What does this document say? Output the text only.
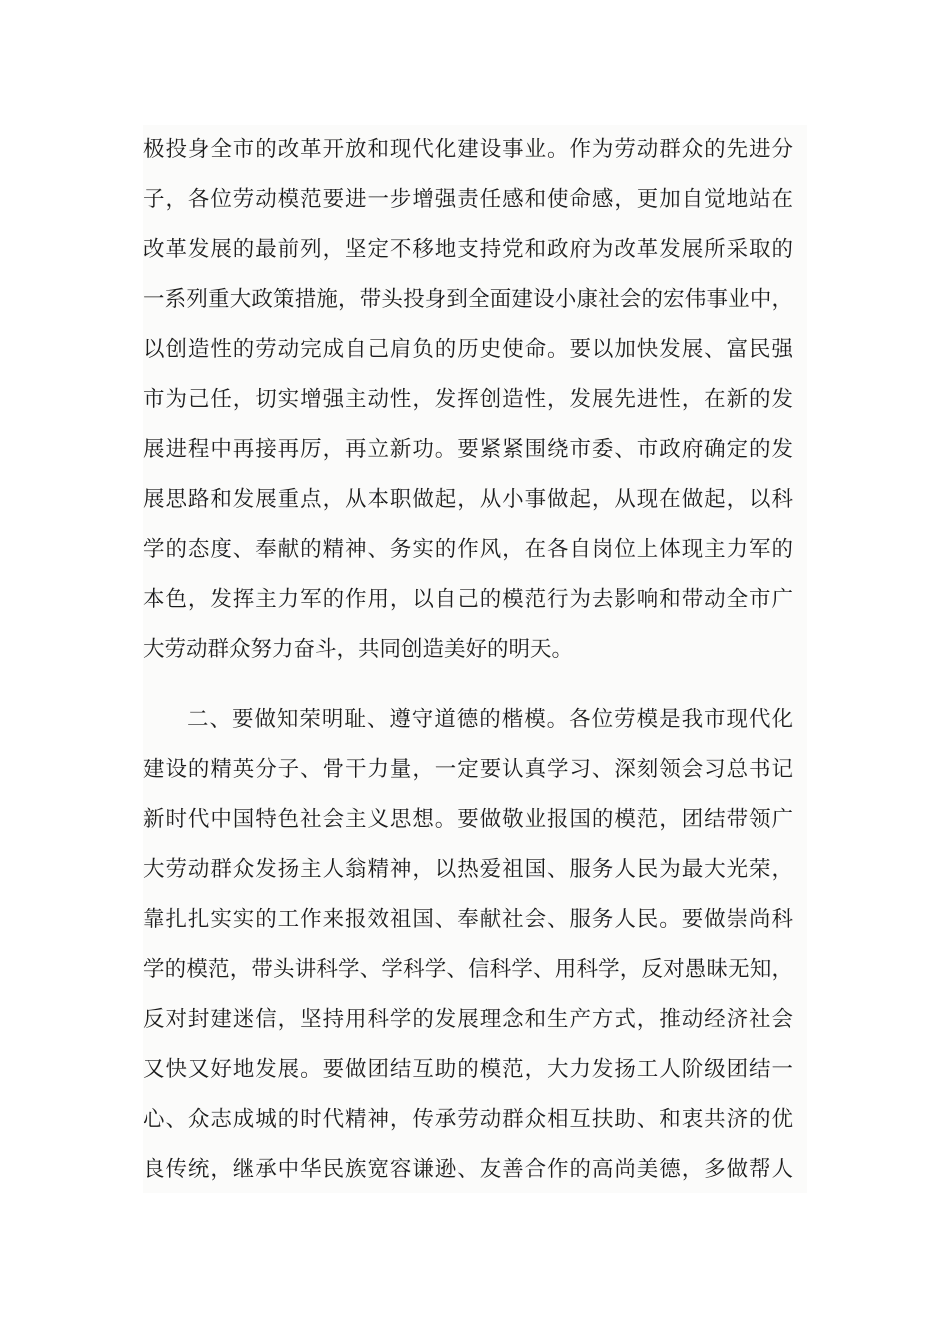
极投身全市的改革开放和现代化建设事业。作为劳动群众的先进分
子，各位劳动模范要进一步增强责任感和使命感，更加自觉地站在
改革发展的最前列，坚定不移地支持党和政府为改革发展所采取的
一系列重大政策措施，带头投身到全面建设小康社会的宏伟事业中，
以创造性的劳动完成自己肩负的历史使命。要以加快发展、富民强
市为己任，切实增强主动性，发挥创造性，发展先进性，在新的发
展进程中再接再厉，再立新功。要紧紧围绕市委、市政府确定的发
展思路和发展重点，从本职做起，从小事做起，从现在做起，以科
学的态度、奉献的精神、务实的作风，在各自岗位上体现主力军的
本色，发挥主力军的作用，以自己的模范行为去影响和带动全市广
大劳动群众努力奋斗，共同创造美好的明天。
二、要做知荣明耻、遵守道德的楷模。各位劳模是我市现代化
建设的精英分子、骨干力量，一定要认真学习、深刻领会习总书记
新时代中国特色社会主义思想。要做敬业报国的模范，团结带领广
大劳动群众发扬主人翁精神，以热爱祖国、服务人民为最大光荣，
靠扎扎实实的工作来报效祖国、奉献社会、服务人民。要做崇尚科
学的模范，带头讲科学、学科学、信科学、用科学，反对愚昧无知，
反对封建迷信，坚持用科学的发展理念和生产方式，推动经济社会
又快又好地发展。要做团结互助的模范，大力发扬工人阶级团结一
心、众志成城的时代精神，传承劳动群众相互扶助、和衷共济的优
良传统，继承中华民族宽容谦逊、友善合作的高尚美德，多做帮人
